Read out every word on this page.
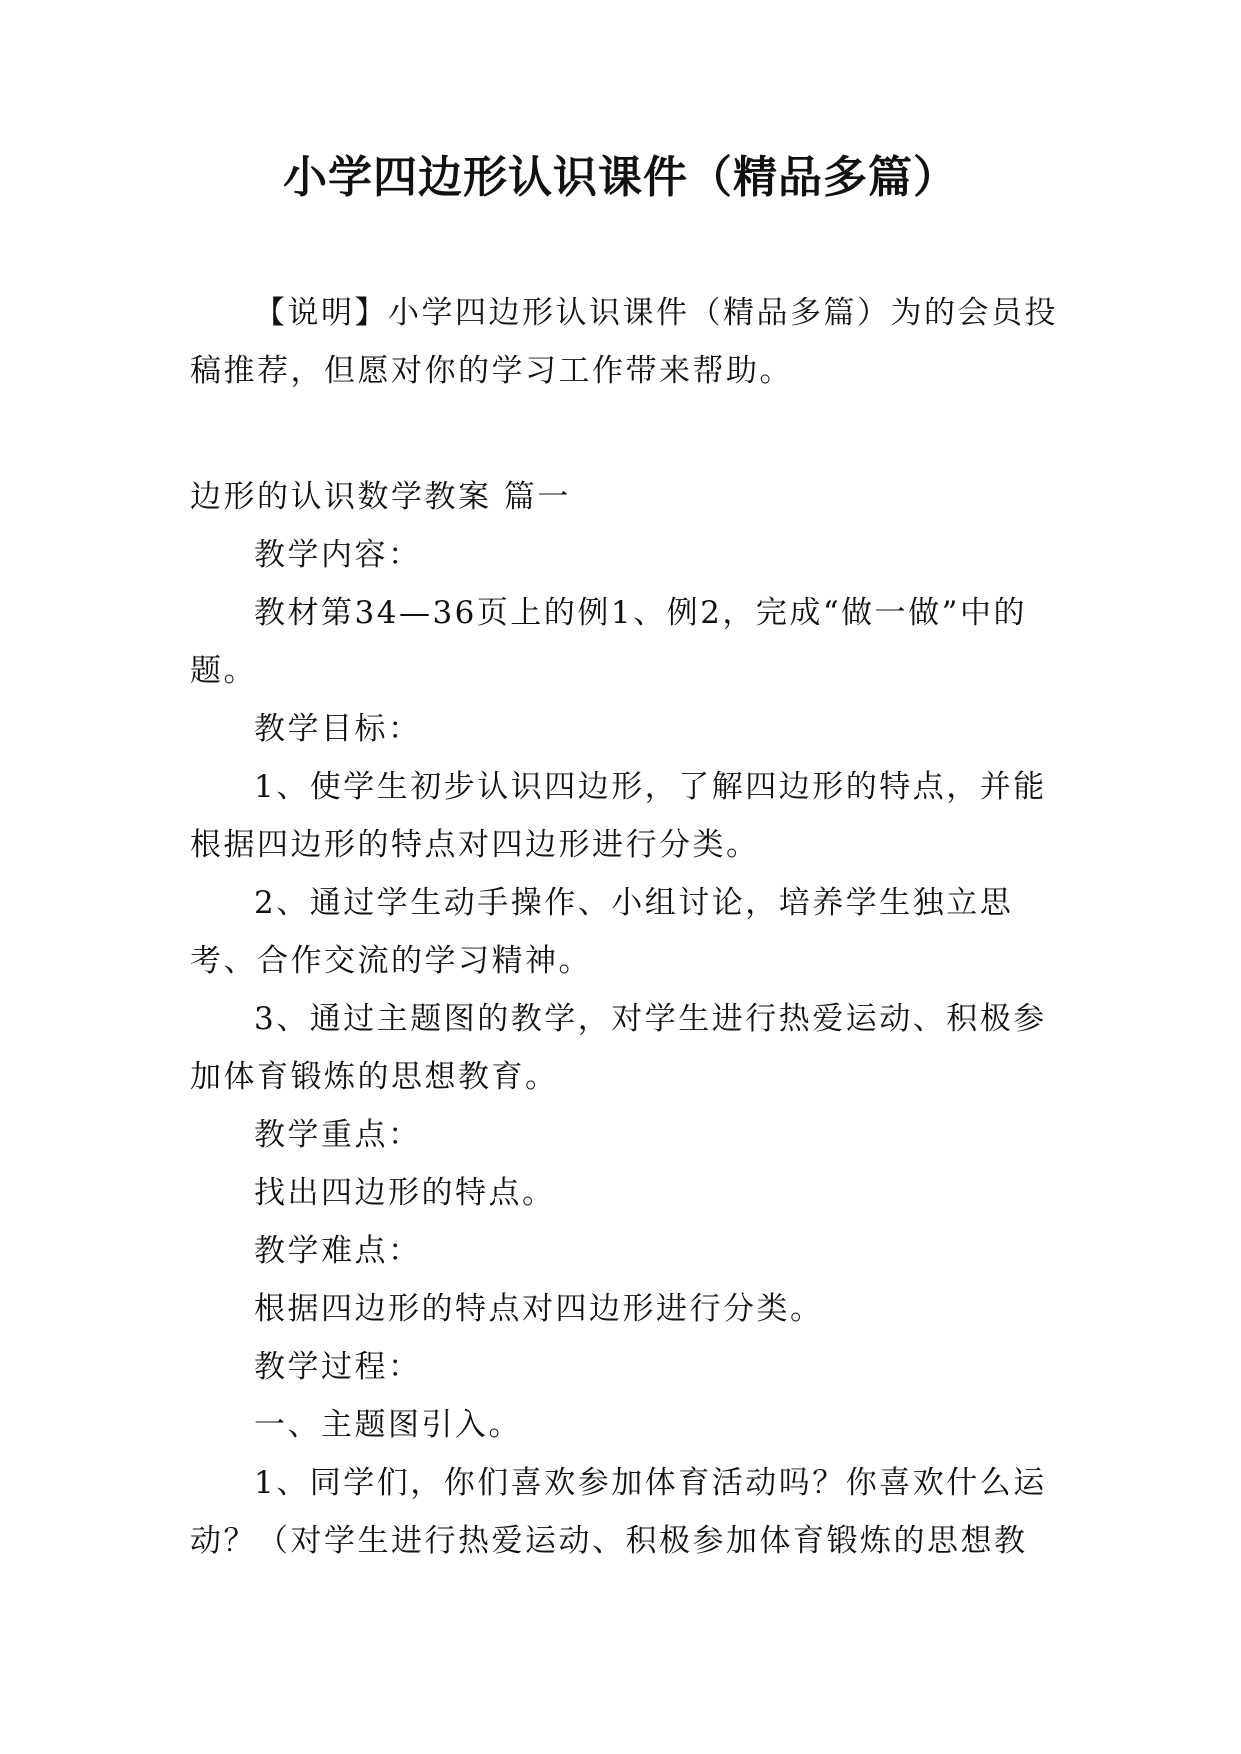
小学四边形认识课件（精品多篇）

【说明】小学四边形认识课件（精品多篇）为的会员投稿推荐，但愿对你的学习工作带来帮助。

边形的认识数学教案 篇一

教学内容：

教材第34—36页上的例1、例2，完成“做一做”中的题。

教学目标：

1、使学生初步认识四边形，了解四边形的特点，并能根据四边形的特点对四边形进行分类。

2、通过学生动手操作、小组讨论，培养学生独立思考、合作交流的学习精神。

3、通过主题图的教学，对学生进行热爱运动、积极参加体育锻炼的思想教育。

教学重点：

找出四边形的特点。

教学难点：

根据四边形的特点对四边形进行分类。

教学过程：

一、主题图引入。

1、同学们，你们喜欢参加体育活动吗？你喜欢什么运动？（对学生进行热爱运动、积极参加体育锻炼的思想教
